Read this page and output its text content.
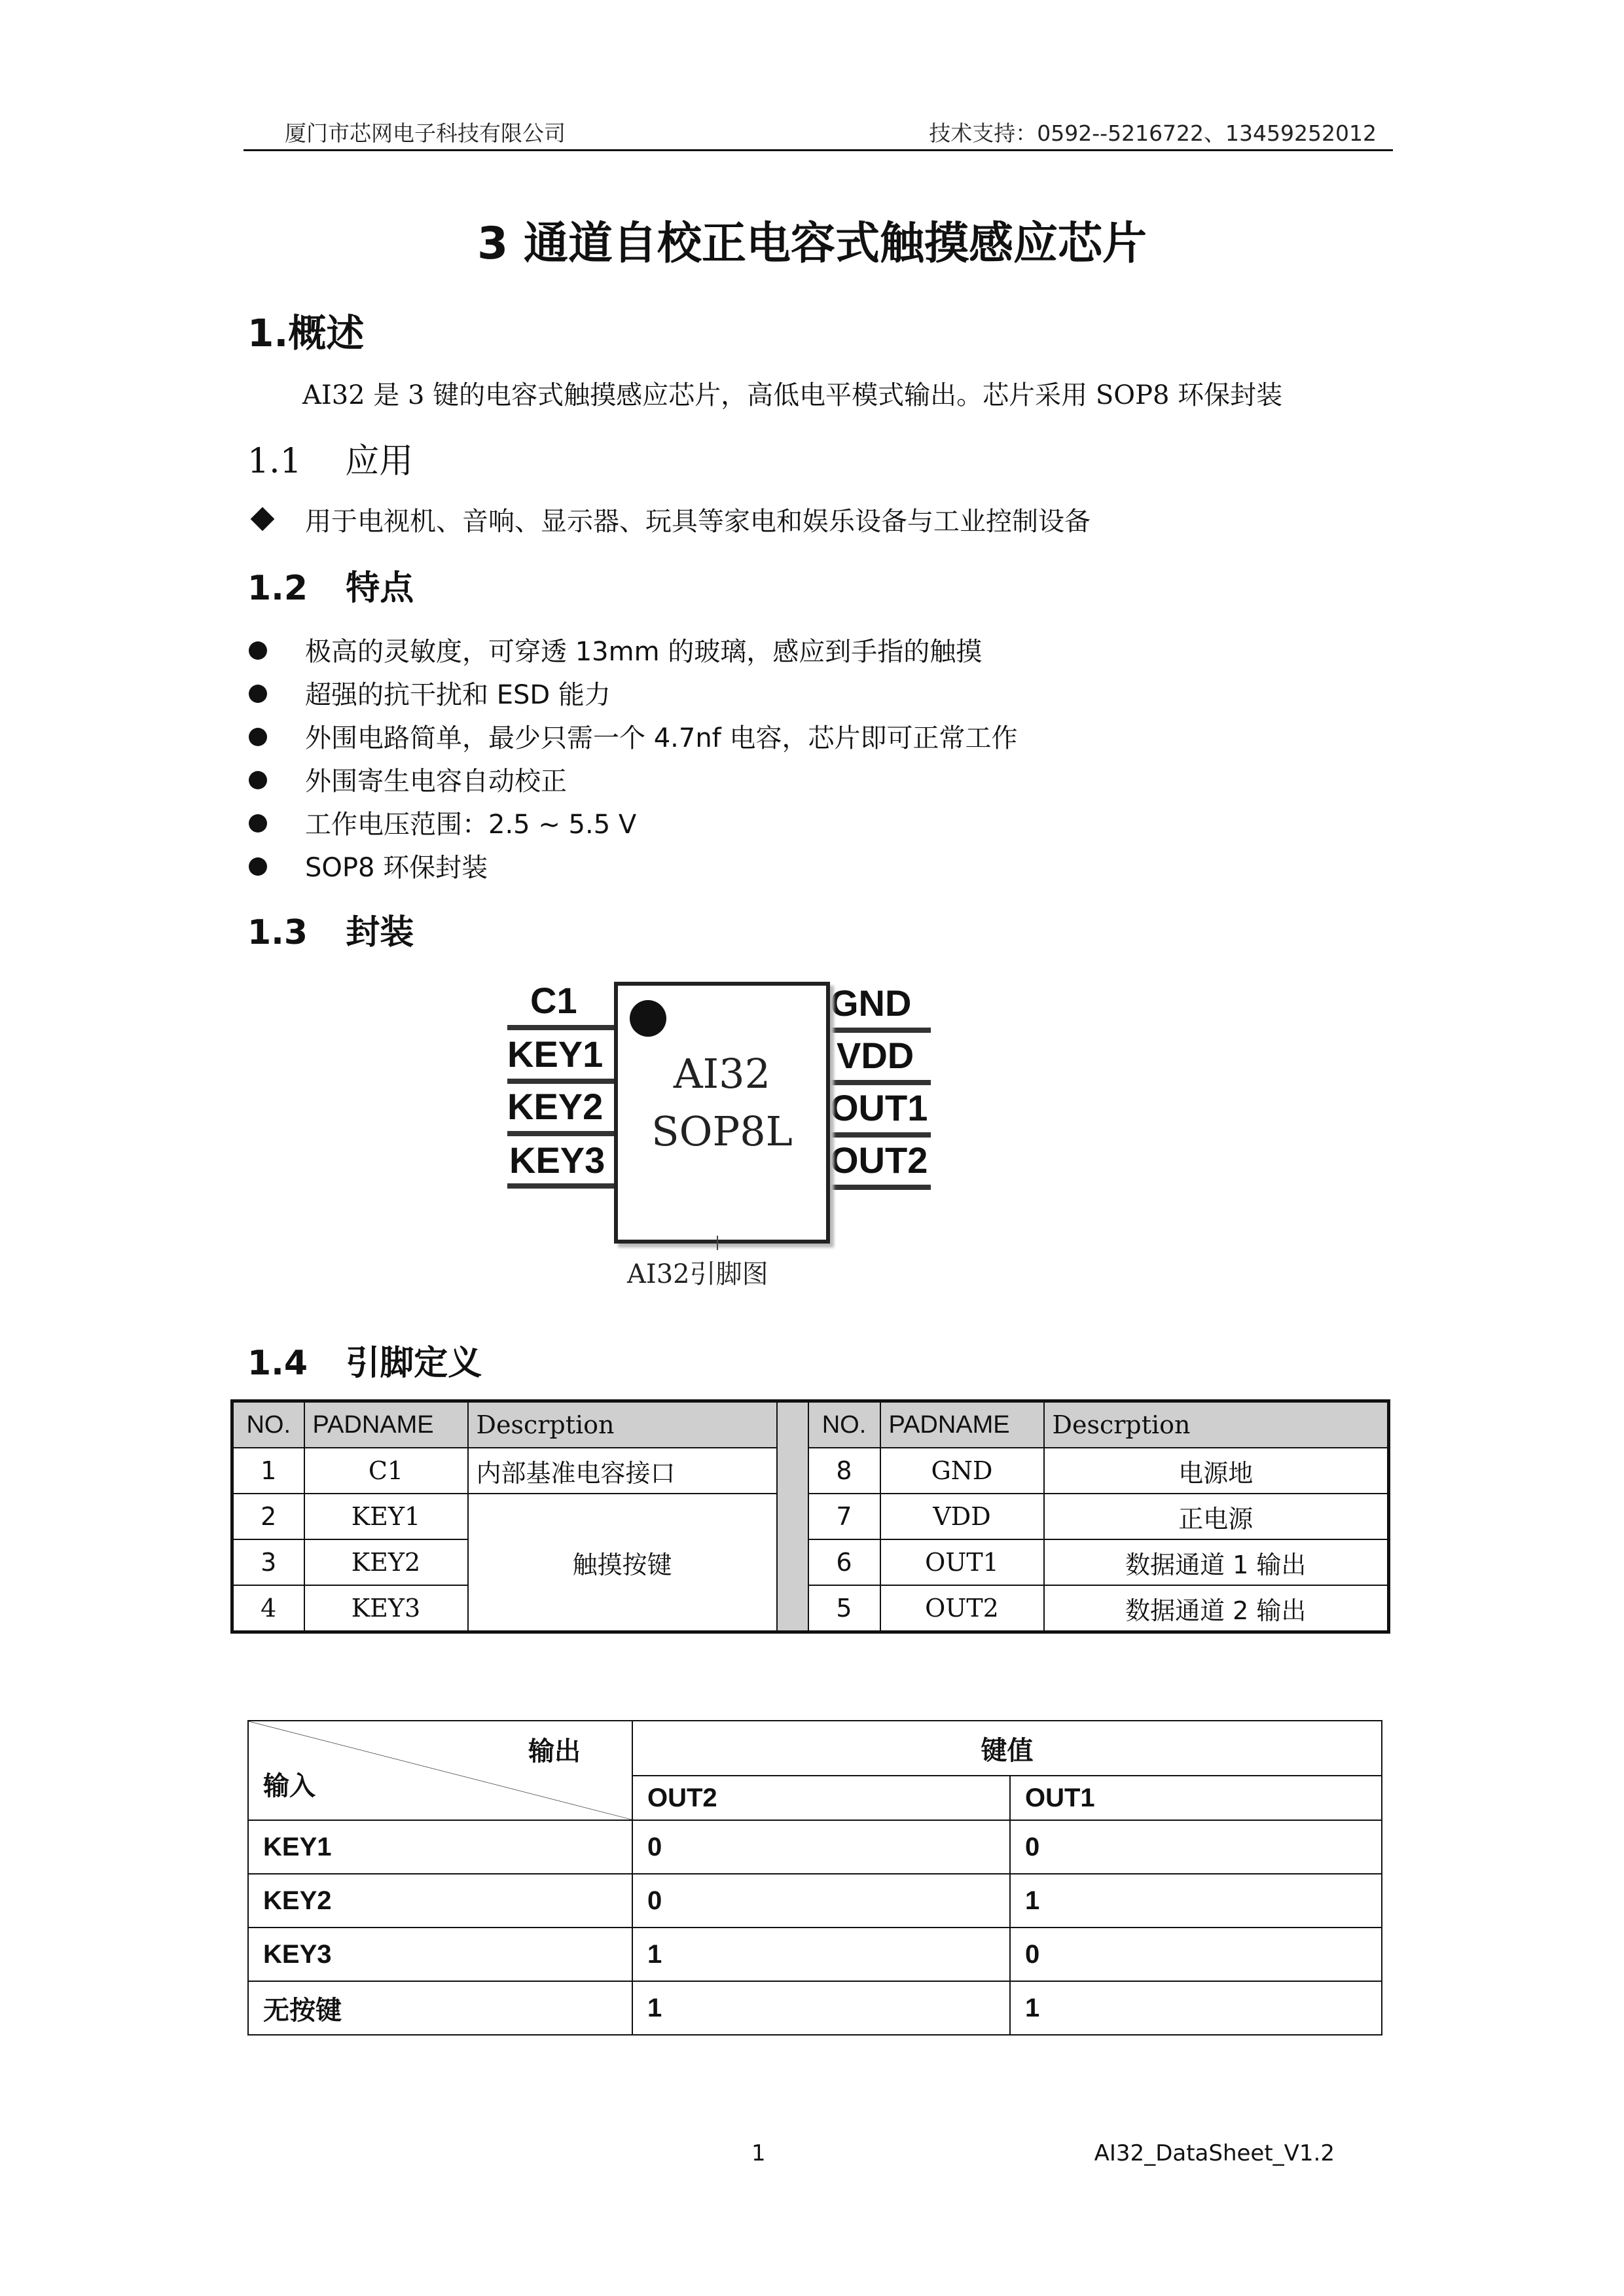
厦门市芯网电子科技有限公司	技术支持：0592--5216722、13459252012
3 通道自校正电容式触摸感应芯片
1.概述
AI32 是 3 键的电容式触摸感应芯片，高低电平模式输出。芯片采用 SOP8 环保封装
1.1 应用
用于电视机、音响、显示器、玩具等家电和娱乐设备与工业控制设备
1.2 特点
极高的灵敏度，可穿透 13mm 的玻璃，感应到手指的触摸
超强的抗干扰和 ESD 能力
外围电路简单，最少只需一个 4.7nf 电容，芯片即可正常工作
外围寄生电容自动校正
工作电压范围：2.5 ~ 5.5 V
SOP8 环保封装
1.3 封装
C1
KEY1
KEY2
KEY3
GND
VDD
OUT1
OUT2
AI32
SOP8L
AI32引脚图
1.4 引脚定义
NO.	PADNAME	Descrption		NO.	PADNAME	Descrption
1	C1	内部基准电容接口		8	GND	电源地
2	KEY1	触摸按键		7	VDD	正电源
3	KEY2			6	OUT1	数据通道 1 输出
4	KEY3			5	OUT2	数据通道 2 输出
输出
输入	键值	
	OUT2	OUT1
KEY1	0	0
KEY2	0	1
KEY3	1	0
无按键	1	1
1	AI32_DataSheet_V1.2
